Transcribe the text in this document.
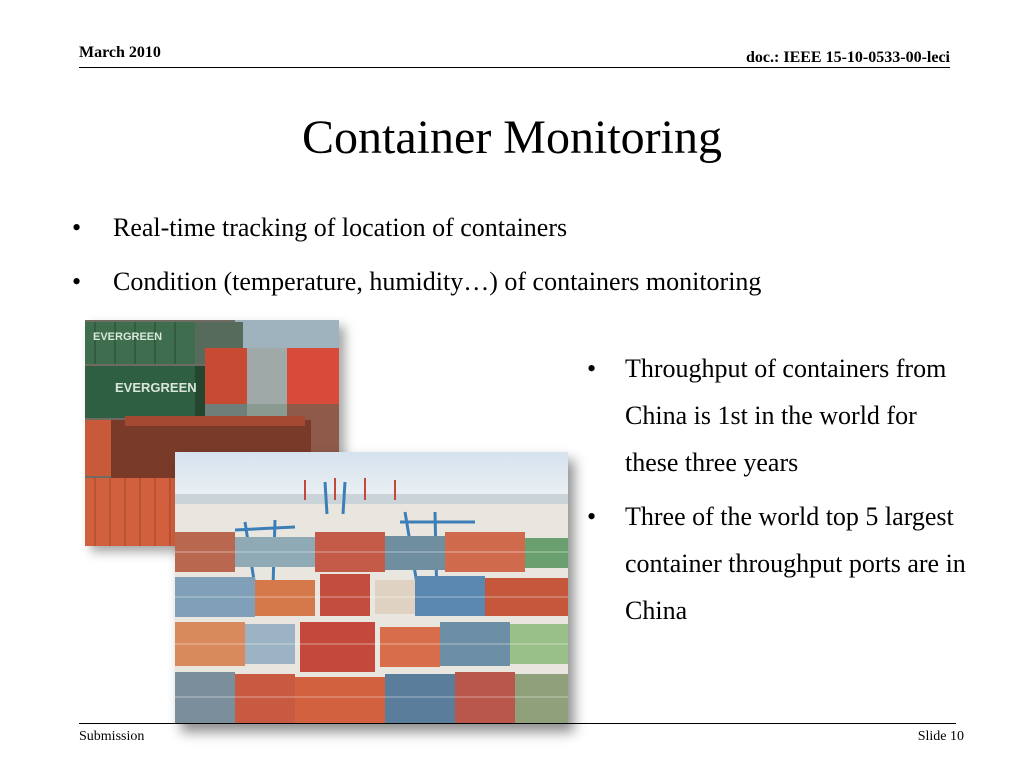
March 2010	doc.: IEEE 15-10-0533-00-leci
Container Monitoring
• Real-time tracking of location of containers
• Condition (temperature, humidity…) of containers monitoring
EVERGREEN
EVERGREEN
• Throughput of containers from China is 1st in the world for these three years
• Three of the world top 5 largest container throughput ports are in China
Submission	Slide 10
